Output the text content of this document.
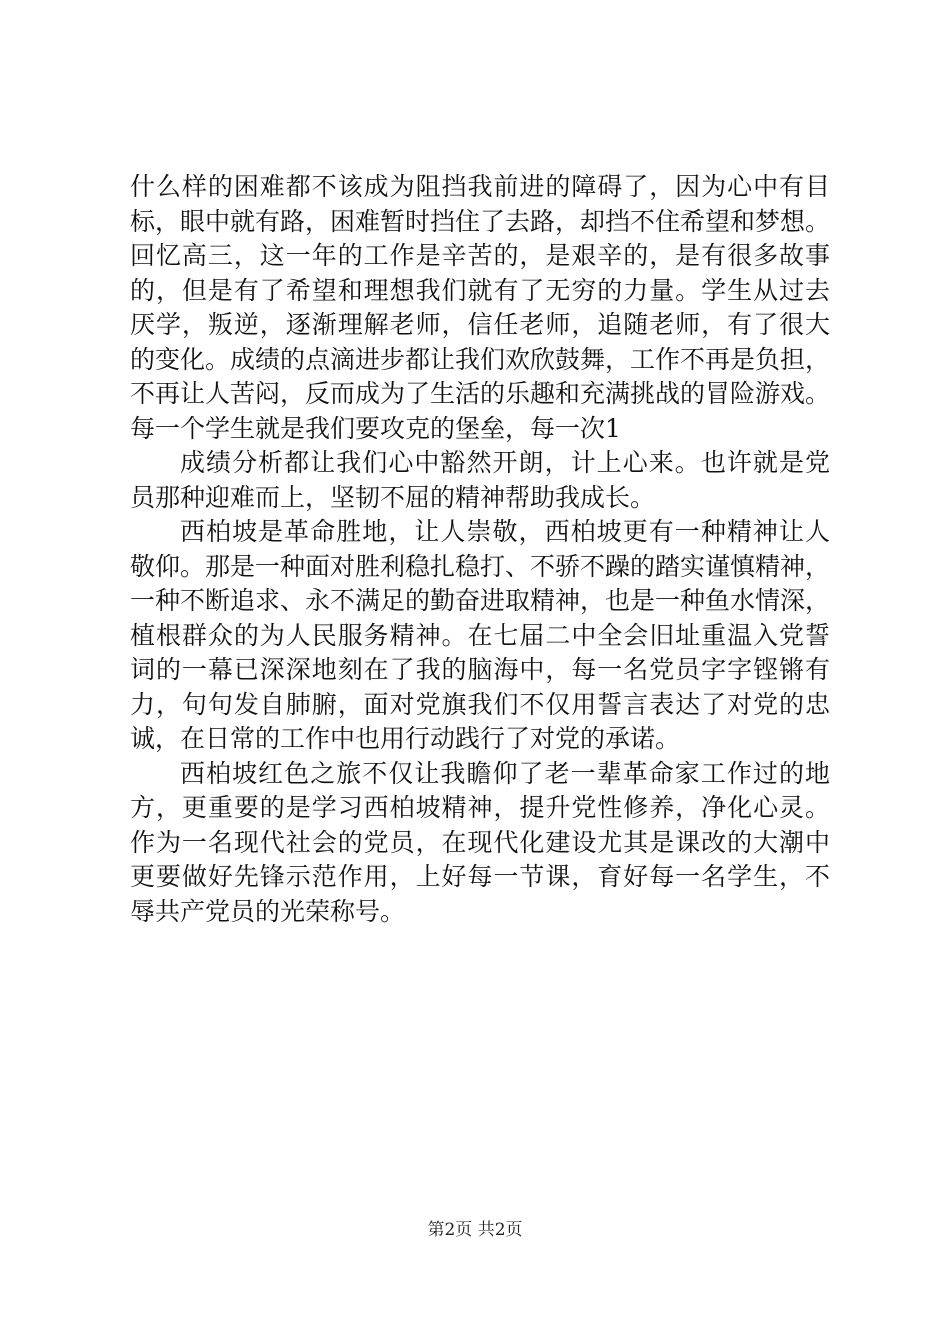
什么样的困难都不该成为阻挡我前进的障碍了，因为心中有目
标，眼中就有路，困难暂时挡住了去路，却挡不住希望和梦想。
回忆高三，这一年的工作是辛苦的，是艰辛的，是有很多故事
的，但是有了希望和理想我们就有了无穷的力量。学生从过去
厌学，叛逆，逐渐理解老师，信任老师，追随老师，有了很大
的变化。成绩的点滴进步都让我们欢欣鼓舞，工作不再是负担，
不再让人苦闷，反而成为了生活的乐趣和充满挑战的冒险游戏。
每一个学生就是我们要攻克的堡垒，每一次1
成绩分析都让我们心中豁然开朗，计上心来。也许就是党
员那种迎难而上，坚韧不屈的精神帮助我成长。
西柏坡是革命胜地，让人崇敬，西柏坡更有一种精神让人
敬仰。那是一种面对胜利稳扎稳打、不骄不躁的踏实谨慎精神，
一种不断追求、永不满足的勤奋进取精神，也是一种鱼水情深，
植根群众的为人民服务精神。在七届二中全会旧址重温入党誓
词的一幕已深深地刻在了我的脑海中，每一名党员字字铿锵有
力，句句发自肺腑，面对党旗我们不仅用誓言表达了对党的忠
诚，在日常的工作中也用行动践行了对党的承诺。
西柏坡红色之旅不仅让我瞻仰了老一辈革命家工作过的地
方，更重要的是学习西柏坡精神，提升党性修养，净化心灵。
作为一名现代社会的党员，在现代化建设尤其是课改的大潮中
更要做好先锋示范作用，上好每一节课，育好每一名学生，不
辱共产党员的光荣称号。
第2页 共2页
